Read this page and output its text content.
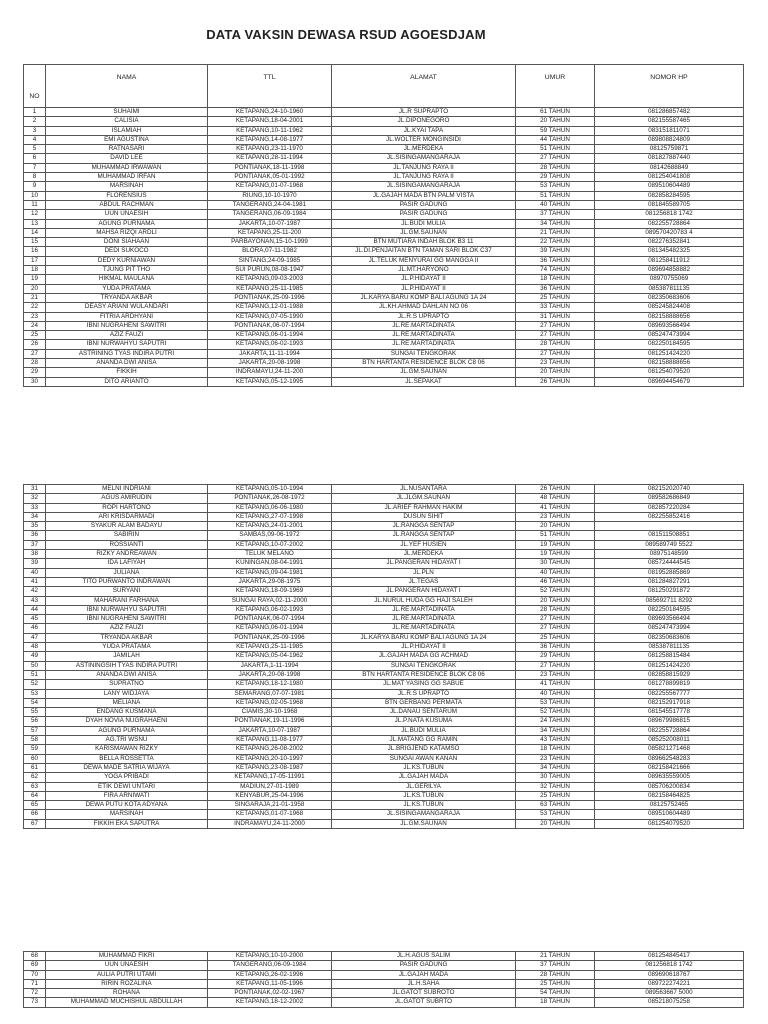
DATA VAKSIN DEWASA RSUD AGOESDJAM
NO	NAMA	TTL	ALAMAT	UMUR	NOMOR HP
1	SUHAIMI	KETAPANG,24-10-1960	JL.R SUPRAPTO	61 TAHUN	081286857482
2	CALISIA	KETAPANG,18-04-2001	JL.DIPONEGORO	20 TAHUN	082155587465
3	ISLAMIAH	KETAPANG,10-11-1962	JL.KYAI TAPA	59 TAHUN	083151811071
4	EMI AGUSTINA	KETAPANG,14-08-1977	JL.WOLTER MONGINSIDI	44 TAHUN	089808824809
5	RATNASARI	KETAPANG,23-11-1970	JL.MERDEKA	51 TAHUN	08125759871
6	DAVID LEE	KETAPANG,28-11-1994	JL.SISINGAMANGARAJA	27 TAHUN	081827887440
7	MUHAMMAD IRWAWAN	PONTIANAK,18-11-1998	JL.TANJUNG RAYA II	28 TAHUN	08142688849
8	MUHAMMAD IRFAN	PONTIANAK,05-01-1992	JL.TANJUNG RAYA II	29 TAHUN	081254041808
9	MARSINAH	KETAPANG,01-07-1968	JL.SISINGAMANGARAJA	53 TAHUN	089510604489
10	FLORENSIUS	RIUNG,10-10-1970	JL.GAJAH MADA BTN PALM VISTA	51 TAHUN	082858284595
11	ABDUL RACHMAN	TANGERANG,24-04-1981	PASIR GADUNG	40 TAHUN	081845589705
12	UUN UNAESIH	TANGERANG,06-09-1984	PASIR GADUNG	37 TAHUN	081256818 1742
13	AGUNG PURNAMA	JAKARTA,10-07-1987	JL.BUDI MULIA	34 TAHUN	082255728864
14	MAHSA RIZQI ARDLI	KETAPANG,25-11-200	JL.GM.SAUNAN	21 TAHUN	089570420783 4
15	DONI SIAHAAN	PARBAYONAN,15-10-1999	BTN MUTIARA INDAH BLOK B3 11	22 TAHUN	082276352841
16	DEDI SUKOCO	BLORA,07-11-1982	JL.DI.PENJAITAN BTN TAMAN SARI BLOK C37	39 TAHUN	081345482325
17	DEDY KURNIAWAN	SINTANG,24-09-1985	JL.TELUK MENYURAI GG MANGGA II	36 TAHUN	081258411912
18	TJUNG PIT THO	SUI PURUN,08-08-1947	JL.MT.HARYONO	74 TAHUN	089694858882
19	HIKMAL MAULANA	KETAPANG,09-03-2003	JL.P.HIDAYAT II	18 TAHUN	08970755069
20	YUDA PRATAMA	KETAPANG,25-11-1985	JL.P.HIDAYAT II	36 TAHUN	085387811135
21	TRYANDA AKBAR	PONTIANAK,25-09-1996	JL.KARYA BARU KOMP BALI AGUNG 1A 24	25 TAHUN	082350683606
22	DEASY ARIANI WULANDARI	KETAPANG,12-01-1988	JL.KH.AHMAD DAHLAN NO 06	33 TAHUN	085245824408
23	FITRIA ARDHYANI	KETAPANG,07-05-1990	JL.R.S UPRAPTO	31 TAHUN	082158888656
24	IBNI NUGRAHENI SAWITRI	PONTIANAK,06-07-1994	JL.RE.MARTADINATA	27 TAHUN	089693566494
25	AZIZ FAUZI	KETAPANG,06-01-1994	JL.RE.MARTADINATA	27 TAHUN	085247473994
26	IBNI NURWAHYU SAPUTRI	KETAPANG,06-02-1993	JL.RE.MARTADINATA	28 TAHUN	082250184595
27	ASTRINING TYAS INDIRA PUTRI	JAKARTA,11-11-1994	SUNGAI TENGKORAK	27 TAHUN	081251424220
28	ANANDA DWI ANISA	JAKARTA,20-08-1998	BTN HARTANTA RESIDENCE BLOK C8 06	23 TAHUN	082158888656
29	FIKKIH	INDRAMAYU,24-11-200	JL.GM.SAUNAN	20 TAHUN	081254079520
30	DITO ARIANTO	KETAPANG,05-12-1995	JL.SEPAKAT	26 TAHUN	089694454679
31	MELNI INDRIANI	KETAPANG,05-10-1994	JL.NUSANTARA	26 TAHUN	082152020740
32	AGUS AMIRUDIN	PONTIANAK,26-08-1972	JL.JLGM.SAUNAN	48 TAHUN	089582686849
33	ROPI HARTONO	KETAPANG,06-06-1980	JL.ARIEF RAHMAN HAKIM	41 TAHUN	082857220284
34	ARI KRISDARMADI	KETAPANG,27-07-1998	DUSUN SIHIT	23 TAHUN	082255852416
35	SYAKUR ALAM BADAYU	KETAPANG,24-01-2001	JL.RANGGA SENTAP	20 TAHUN	
36	SABIRIN	SAMBAS,09-06-1972	JL.RANGGA SENTAP	51 TAHUN	081511508851
37	ROSSIANTI	KETAPANG,10-07-2002	JL.YEF HUSIEN	19 TAHUN	089589749 5522
38	RIZKY ANDREAWAN	TELUK MELANO	JL.MERDEKA	19 TAHUN	08975148599
39	IDA LAFIYAH	KUNINGAN,08-04-1991	JL.PANGERAN HIDAYAT I	30 TAHUN	085724444545
40	JULIANA	KETAPANG,09-04-1981	JL.PLN	40 TAHUN	081952885869
41	TITO PURWANTO INDRAWAN	JAKARTA,29-08-1975	JL.TEGAS	46 TAHUN	081284827291
42	SURYANI	KETAPANG,18-09-1969	JL.PANGERAN HIDAYAT I	52 TAHUN	081250291872
43	MAHARANI FARHANA	SUNGAI RAYA,02-11-2000	JL.NURUL HUDA GG HAJI SALEH	20 TAHUN	085692711 8292
44	IBNI NURWAHYU SAPUTRI	KETAPANG,06-02-1993	JL.RE.MARTADINATA	28 TAHUN	082250184595
45	IBNI NUGRAHENI SAWITRI	PONTIANAK,06-07-1994	JL.RE.MARTADINATA	27 TAHUN	089693566494
46	AZIZ FAUZI	KETAPANG,06-01-1994	JL.RE.MARTADINATA	27 TAHUN	085247473994
47	TRYANDA AKBAR	PONTIANAK,25-09-1996	JL.KARYA BARU KOMP BALI AGUNG 1A 24	25 TAHUN	082350683606
48	YUDA PRATAMA	KETAPANG,25-11-1985	JL.P.HIDAYAT II	36 TAHUN	085387811135
49	JAMILAH	KETAPANG,05-04-1962	JL.GAJAH MADA GG ACHMAD	29 TAHUN	081258815484
50	ASTININGSIH TYAS INDIRA PUTRI	JAKARTA,1-11-1994	SUNGAI TENGKORAK	27 TAHUN	081251424220
51	ANANDA DWI ANISA	JAKARTA,20-08-1998	BTN HARTANTA RESIDENCE BLOK C8 06	23 TAHUN	082858815929
52	SUPRATNO	KETAPANG,18-12-1980	JL.MAT YASING GG SABUE	41 TAHUN	081278899819
53	LANY WIDJAYA	SEMARANG,07-07-1981	JL.R.S UPRAPTO	40 TAHUN	082255567777
54	MELIANA	KETAPANG,02-05-1968	BTN GERBANG PERMATA	53 TAHUN	082152917918
55	ENDANG KUSMANA	CIAMIS,30-10-1968	JL.DANAU SENTARUM	52 TAHUN	081545517778
56	DYAH NOVIA NUGRAHAENI	PONTIANAK,19-11-1996	JL.P.NATA KUSUMA	24 TAHUN	089679986815
57	AGUNG PURNAMA	JAKARTA,10-07-1987	JL.BUDI MULIA	34 TAHUN	082255728864
58	AG.TRI WSNU	KETAPANG,11-08-1977	JL.MATANG GG RAMIN	43 TAHUN	085252008011
59	KARISMAWAN RIZKY	KETAPANG,26-08-2002	JL.BRIGJEND KATAMSO	18 TAHUN	085821271468
60	BELLA ROSSETTA	KETAPANG,20-10-1997	SUNGAI AWAN KANAN	23 TAHUN	089662548283
61	DEWA MADE SATRIA WIJAYA	KETAPANG,23-08-1987	JL.KS.TUBUN	34 TAHUN	082158421666
62	YOGA PRIBADI	KETAPANG,17-05-11991	JL.GAJAH MADA	30 TAHUN	089635559005
63	ETIK DEWI UNTARI	MADIUN,27-01-1989	JL.GERILYA	32 TAHUN	085706200834
64	FIRA ARNIWATI	KENYABUR,25-04-1996	JL.KS.TUBUN	25 TAHUN	082158464825
65	DEWA PUTU KOTA ADYANA	SINGARAJA,21-01-1958	JL.KS.TUBUN	63 TAHUN	08125752465
66	MARSINAH	KETAPANG,01-07-1968	JL.SISINGAMANGARAJA	53 TAHUN	089510604489
67	FIKKIH EKA SAPUTRA	INDRAMAYU,24-11-2000	JL.GM.SAUNAN	20 TAHUN	081254079520
68	MUHAMMAD FIKRI	KETAPANG,10-10-2000	JL.H.AGUS SALIM	21 TAHUN	081254845417
69	UUN UNAESIH	TANGERANG,06-09-1984	PASIR GADUNG	37 TAHUN	081256818 1742
70	AULIA PUTRI UTAMI	KETAPANG,26-02-1996	JL.GAJAH MADA	28 TAHUN	089690618767
71	RIRIN ROZALINA	KETAPANG,11-05-1996	JL.H.SAHA	25 TAHUN	089722274221
72	ROHANA	PONTIANAK,02-02-1967	JL.GATOT SUBROTO	54 TAHUN	089563667 5000
73	MUHAMMAD MUCHISHUL ABDULLAH	KETAPANG,18-12-2002	JL.GATOT SUBRTO	18 TAHUN	085218075258
